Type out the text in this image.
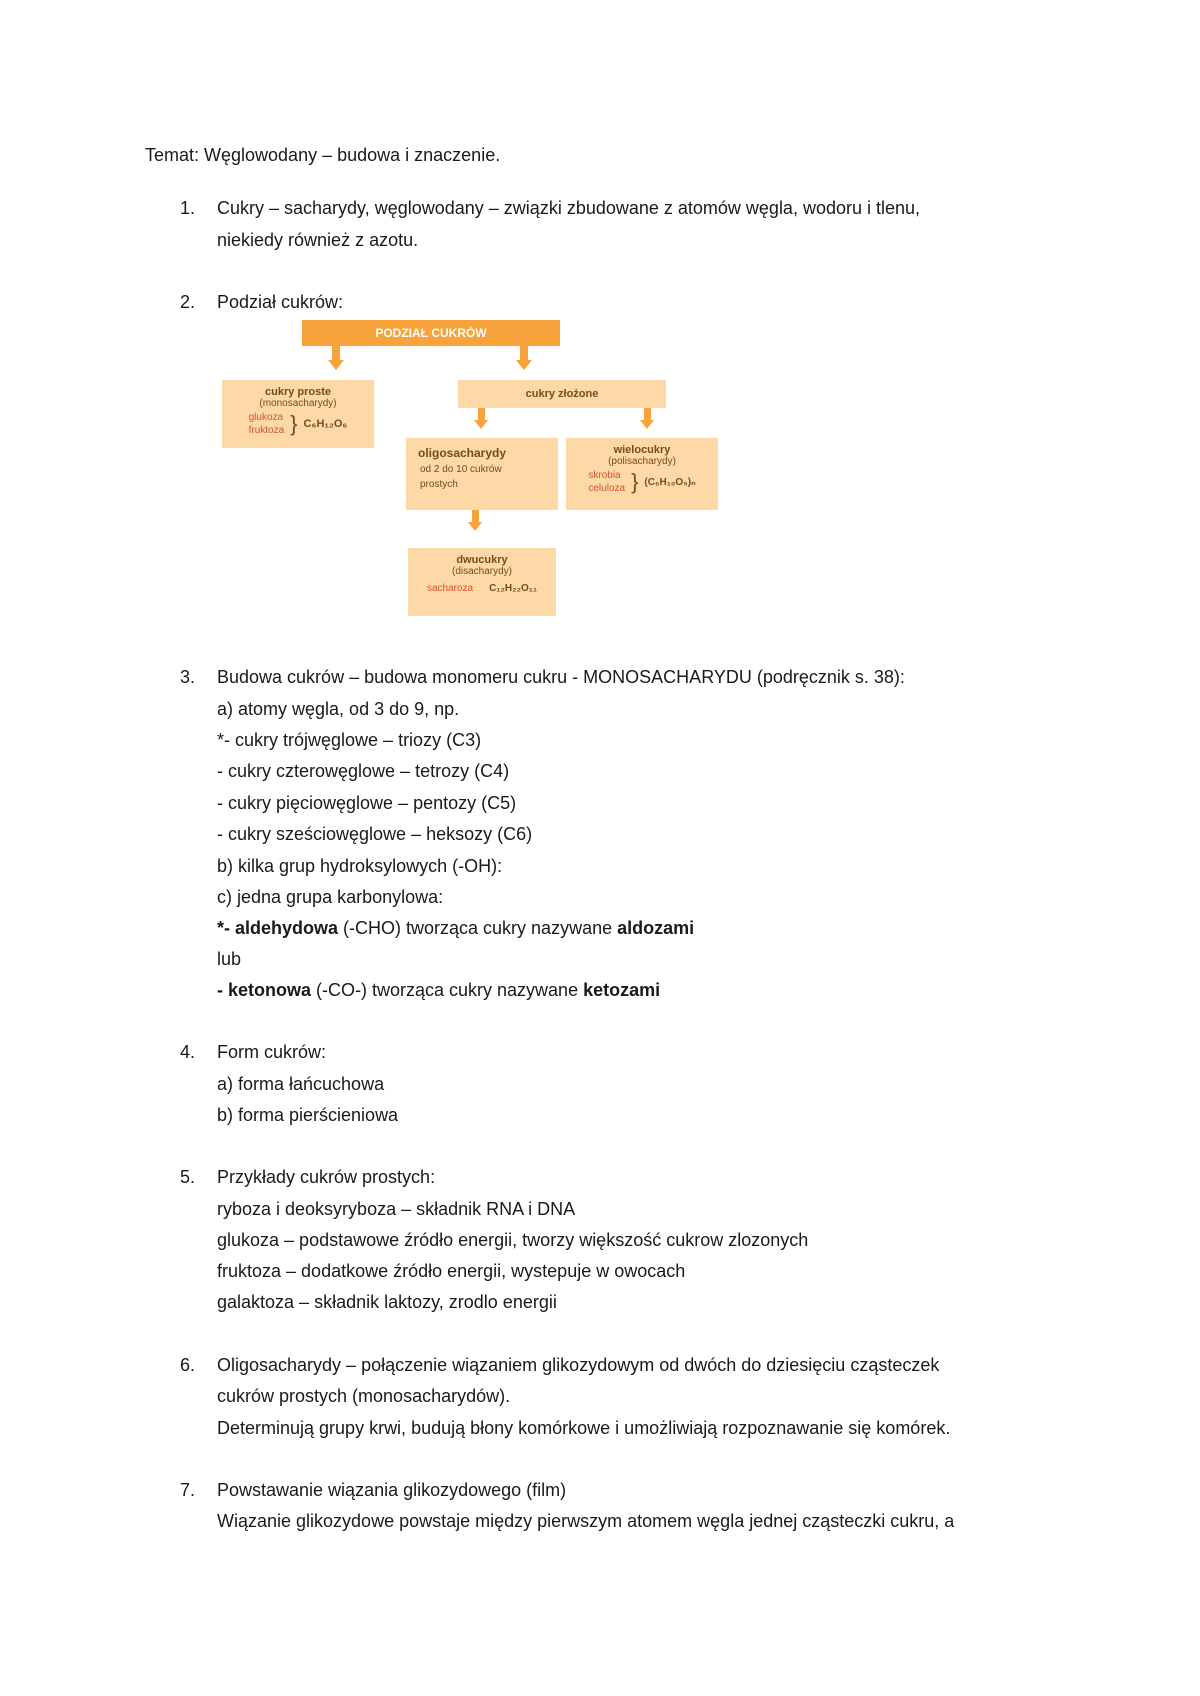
Temat: Węglowodany – budowa i znaczenie.
1.	Cukry – sacharydy, węglowodany – związki zbudowane z atomów węgla, wodoru i tlenu,
niekiedy również z azotu.
2.	Podział cukrów:
PODZIAŁ CUKRÓW
cukry proste
(monosacharydy)
glukoza
fruktoza } C₆H₁₂O₆
cukry złożone
oligosacharydy
od 2 do 10 cukrów
prostych
wielocukry
(polisacharydy)
skrobia
celuloza } (C₆H₁₀O₅)ₙ
dwucukry
(disacharydy)
sacharoza C₁₂H₂₂O₁₁
3.	Budowa cukrów – budowa monomeru cukru - MONOSACHARYDU (podręcznik s. 38):
a) atomy węgla, od 3 do 9, np.
*- cukry trójwęglowe – triozy (C3)
- cukry czterowęglowe – tetrozy (C4)
- cukry pięciowęglowe – pentozy (C5)
- cukry sześciowęglowe – heksozy (C6)
b) kilka grup hydroksylowych (-OH):
c) jedna grupa karbonylowa:
*- aldehydowa (-CHO) tworząca cukry nazywane aldozami
lub
- ketonowa (-CO-) tworząca cukry nazywane ketozami
4.	Form cukrów:
a) forma łańcuchowa
b) forma pierścieniowa
5.	Przykłady cukrów prostych:
ryboza i deoksyryboza – składnik RNA i DNA
glukoza – podstawowe źródło energii, tworzy większość cukrow zlozonych
fruktoza – dodatkowe źródło energii, wystepuje w owocach
galaktoza – składnik laktozy, zrodlo energii
6.	Oligosacharydy – połączenie wiązaniem glikozydowym od dwóch do dziesięciu cząsteczek
cukrów prostych (monosacharydów).
Determinują grupy krwi, budują błony komórkowe i umożliwiają rozpoznawanie się komórek.
7.	Powstawanie wiązania glikozydowego (film)
Wiązanie glikozydowe powstaje między pierwszym atomem węgla jednej cząsteczki cukru, a
